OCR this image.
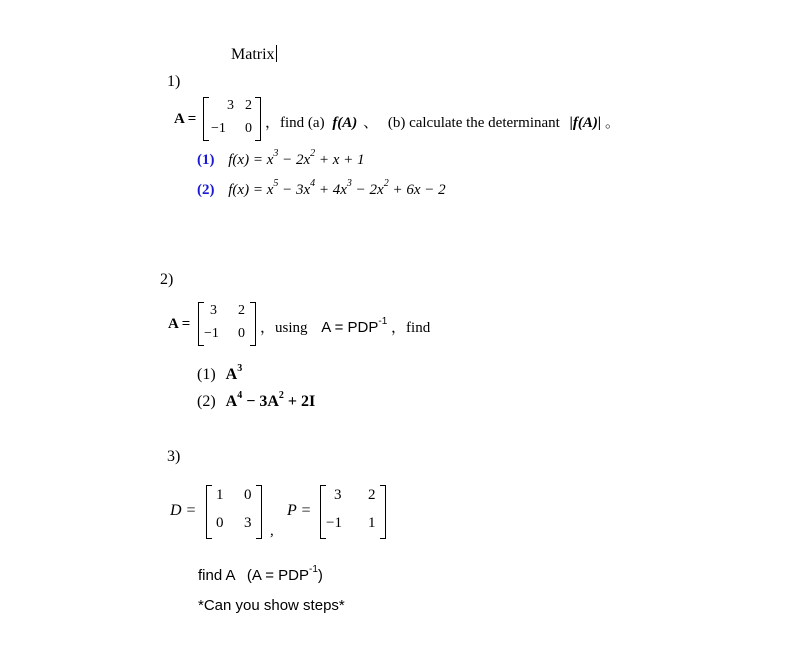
Matrix
1)
A =
3 2
−1 0 ，find (a) f(A) 、 (b) calculate the determinant |f(A)| 。
(1) $f(x) = x^3 - 2x^2 + x + 1$
(2) $f(x) = x^5 - 3x^4 + 4x^3 - 2x^2 + 6x - 2$
2)
A =
3 2
−1 0 ，using $A = PDP^{-1}$ ，find
(1) $A^3$
(2) $A^4 - 3A^2 + 2I$
3)
D =
1 0
0 3 ,
P =
3 2
−1 1
find A $(A = PDP^{-1})$
*Can you show steps*
